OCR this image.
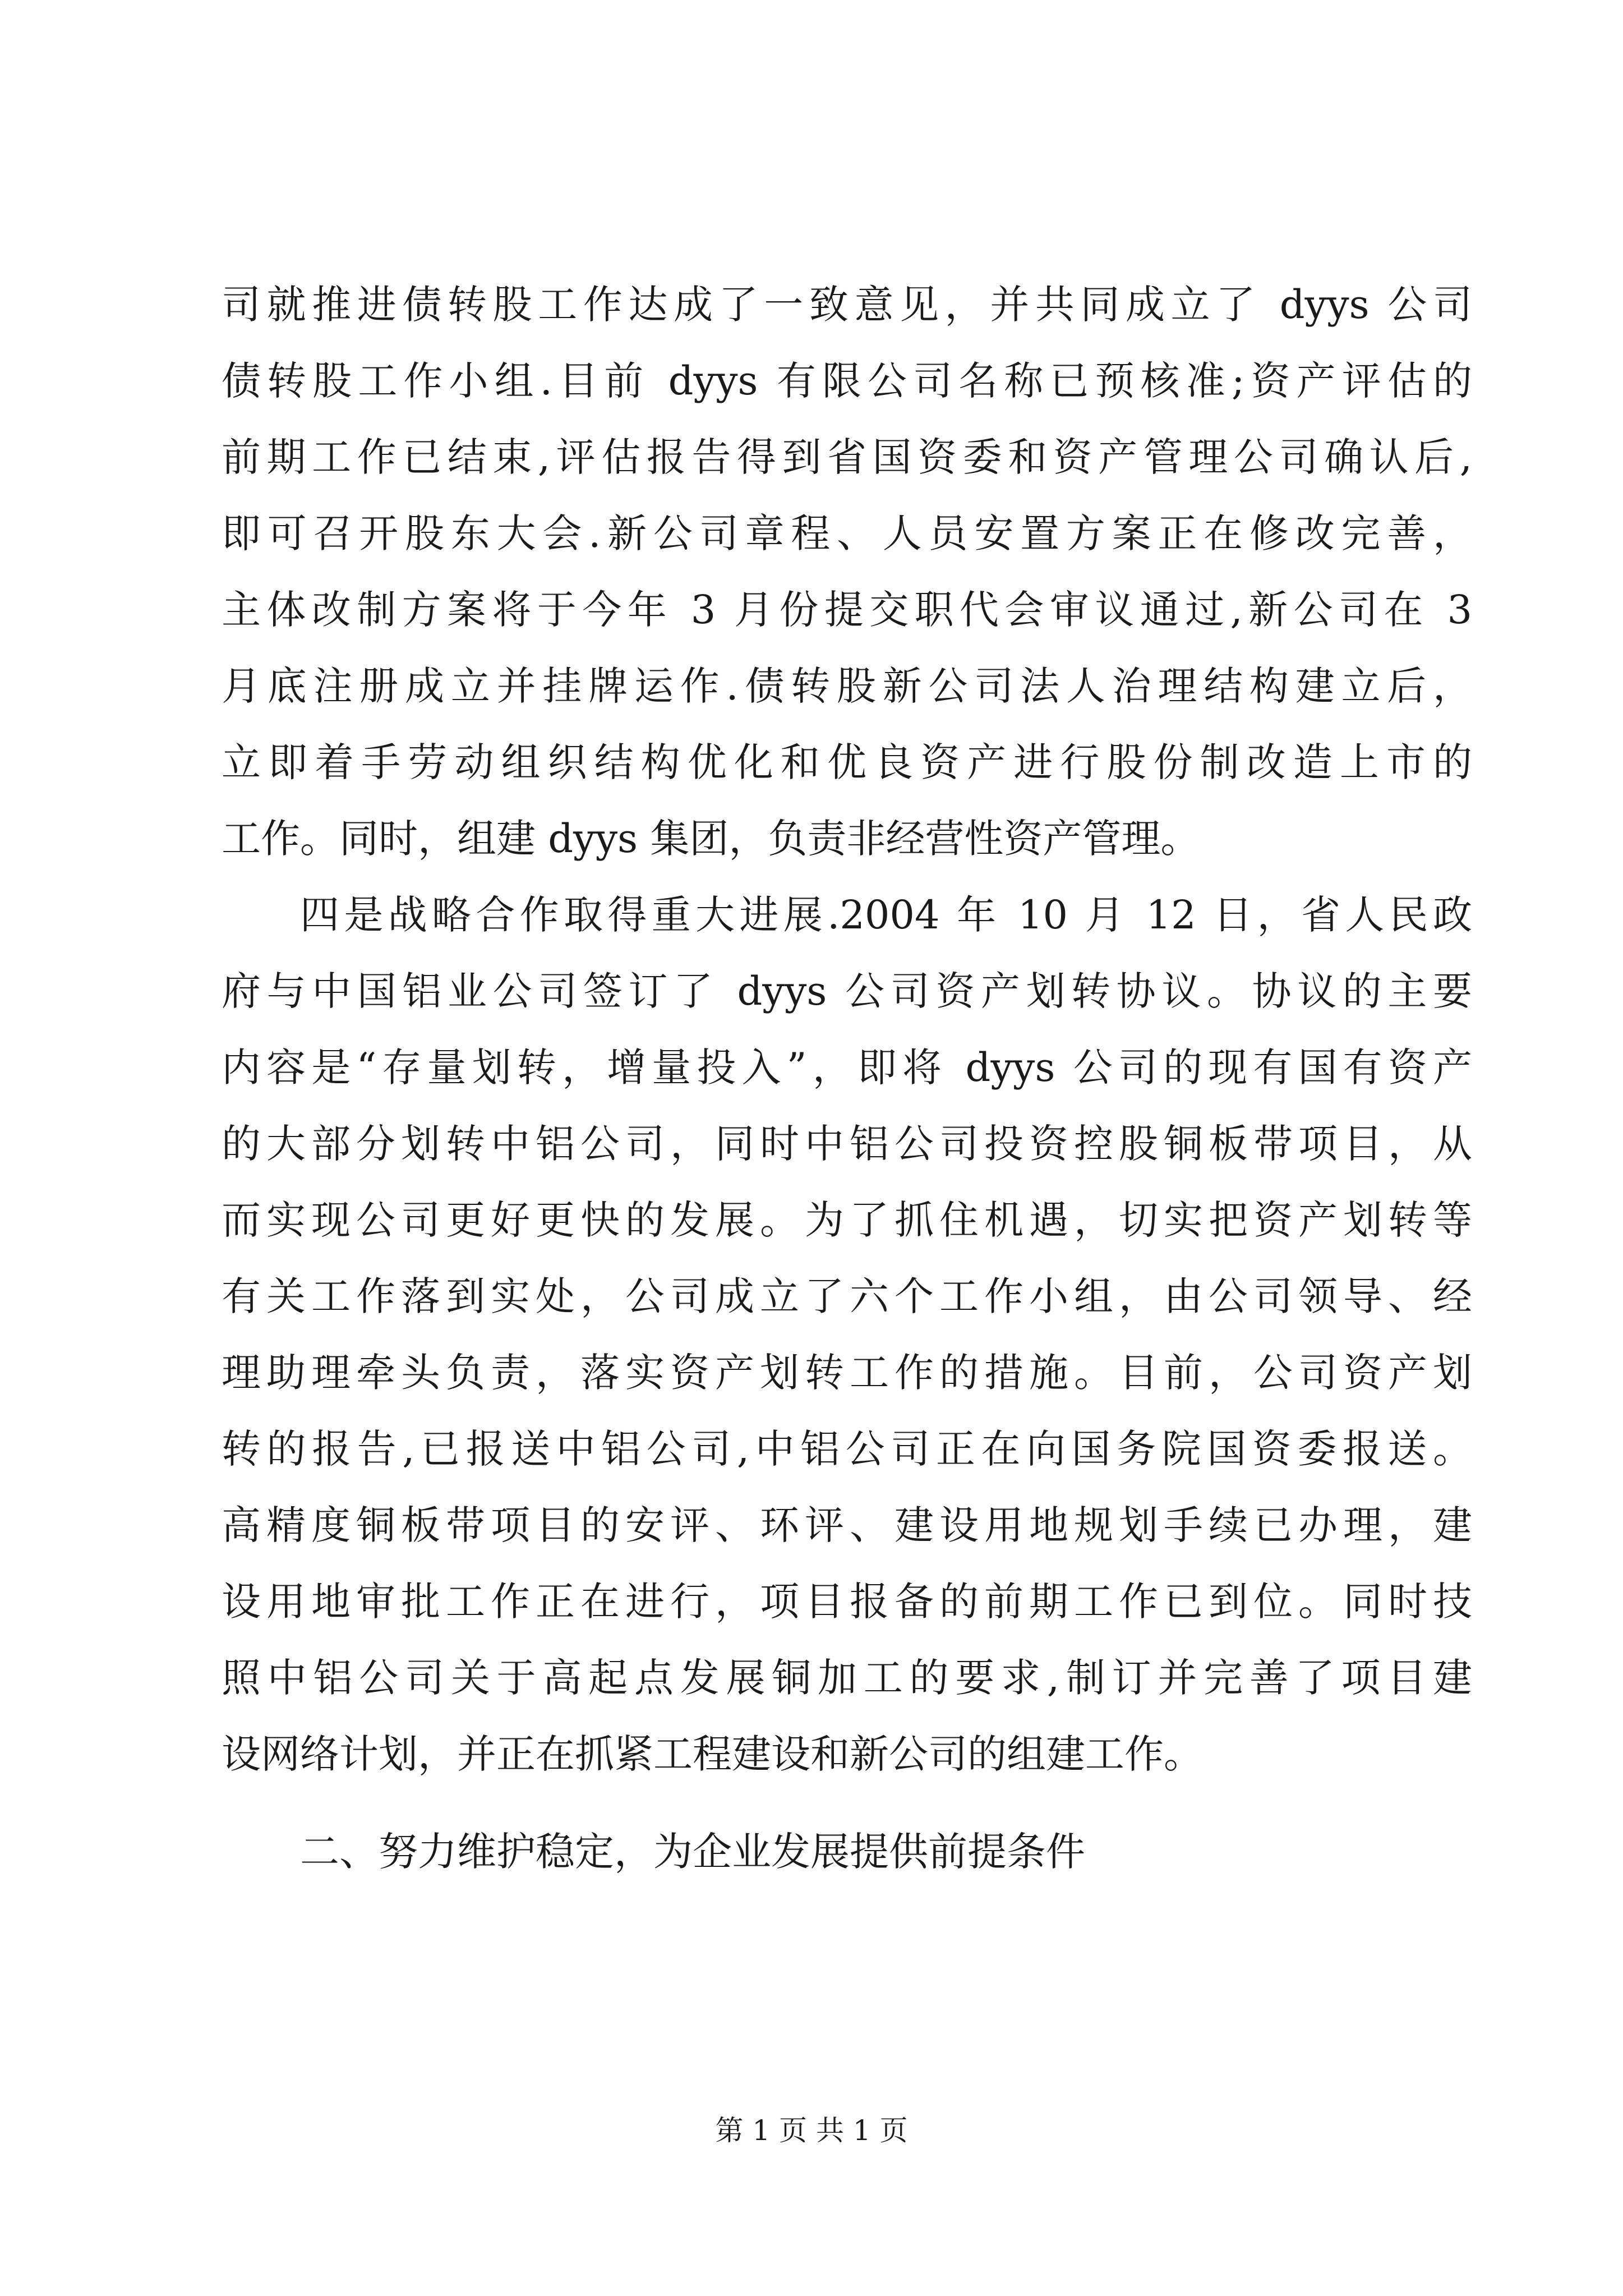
司就推进债转股工作达成了一致意见，并共同成立了 dyys 公司
债转股工作小组.目前 dyys 有限公司名称已预核准;资产评估的
前期工作已结束,评估报告得到省国资委和资产管理公司确认后,
即可召开股东大会.新公司章程、人员安置方案正在修改完善，
主体改制方案将于今年 3 月份提交职代会审议通过,新公司在 3
月底注册成立并挂牌运作.债转股新公司法人治理结构建立后，
立即着手劳动组织结构优化和优良资产进行股份制改造上市的
工作。同时，组建 dyys 集团，负责非经营性资产管理。
四是战略合作取得重大进展.2004 年 10 月 12 日，省人民政
府与中国铝业公司签订了 dyys 公司资产划转协议。协议的主要
内容是“存量划转，增量投入”，即将 dyys 公司的现有国有资产
的大部分划转中铝公司，同时中铝公司投资控股铜板带项目，从
而实现公司更好更快的发展。为了抓住机遇，切实把资产划转等
有关工作落到实处，公司成立了六个工作小组，由公司领导、经
理助理牵头负责，落实资产划转工作的措施。目前，公司资产划
转的报告,已报送中铝公司,中铝公司正在向国务院国资委报送。
高精度铜板带项目的安评、环评、建设用地规划手续已办理，建
设用地审批工作正在进行，项目报备的前期工作已到位。同时技
照中铝公司关于高起点发展铜加工的要求,制订并完善了项目建
设网络计划，并正在抓紧工程建设和新公司的组建工作。
二、努力维护稳定，为企业发展提供前提条件
第 1 页 共 1 页
